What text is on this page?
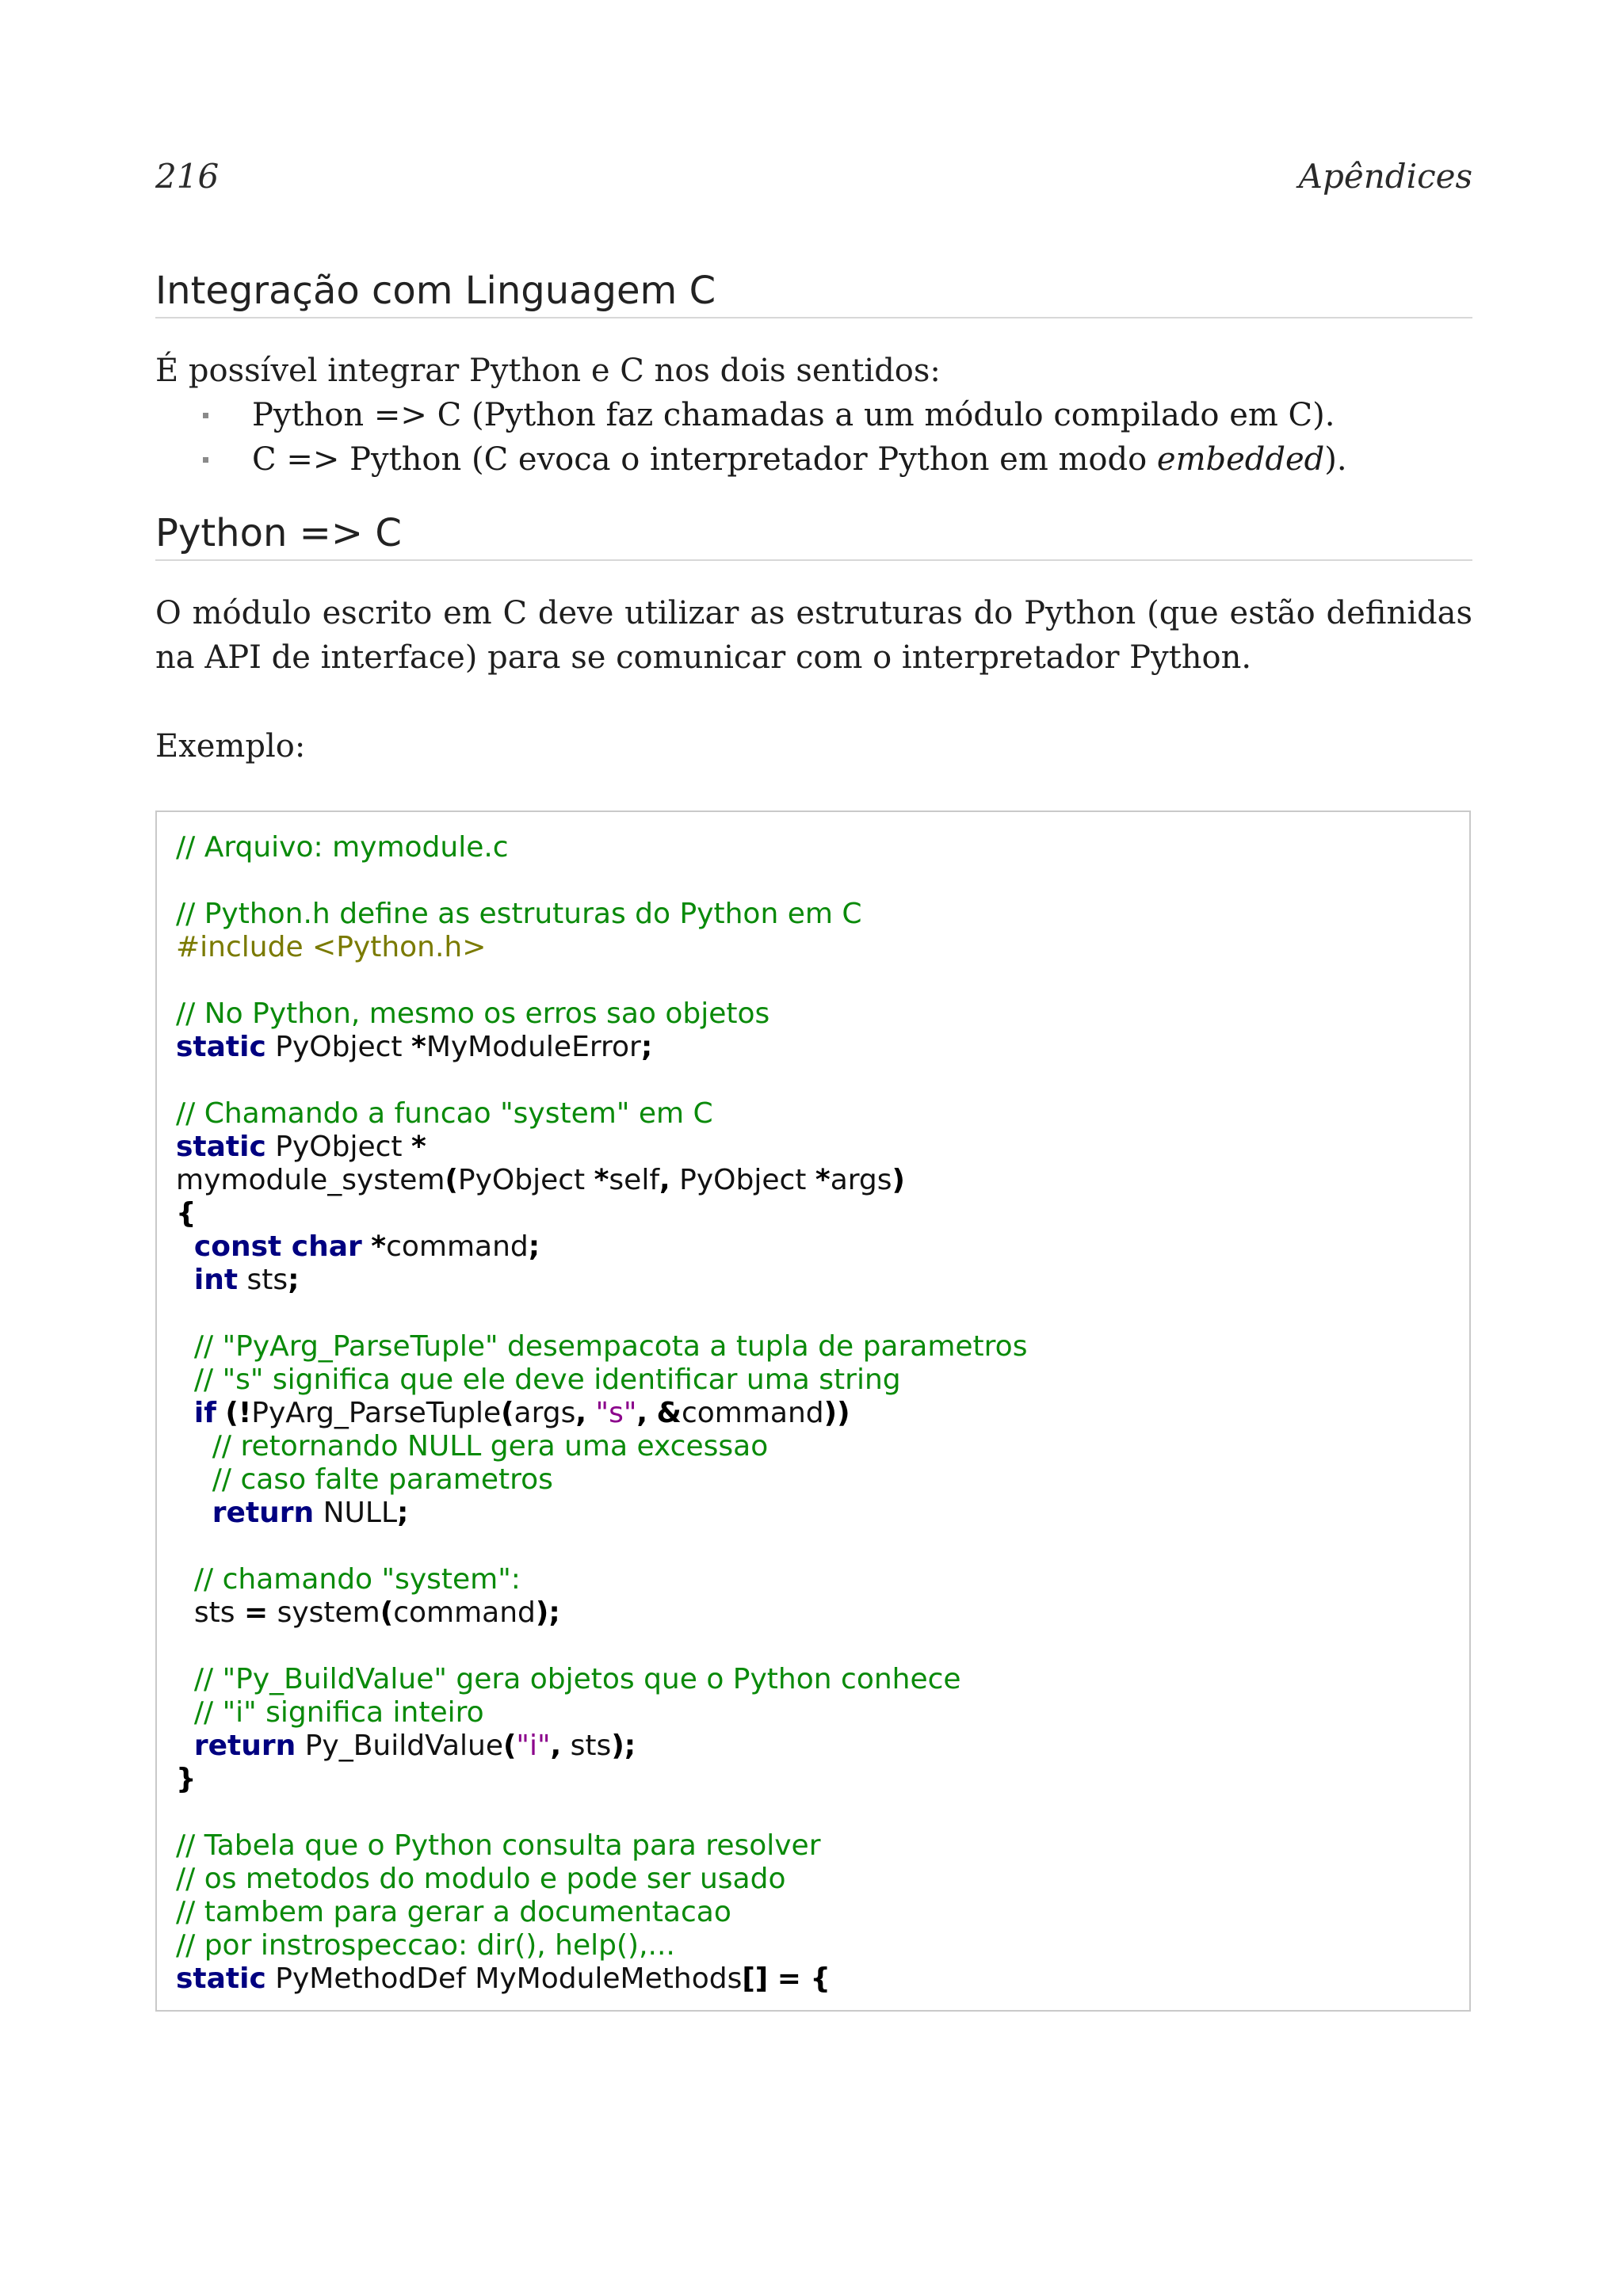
216	Apêndices
Integração com Linguagem C
É possível integrar Python e C nos dois sentidos:
Python => C (Python faz chamadas a um módulo compilado em C).
C => Python (C evoca o interpretador Python em modo embedded).
Python => C
O módulo escrito em C deve utilizar as estruturas do Python (que estão definidas na API de interface) para se comunicar com o interpretador Python.
Exemplo:
// Arquivo: mymodule.c
// Python.h define as estruturas do Python em C
#include <Python.h>
// No Python, mesmo os erros sao objetos
static PyObject *MyModuleError;
// Chamando a funcao "system" em C
static PyObject *
mymodule_system(PyObject *self, PyObject *args)
{
const char *command;
int sts;
// "PyArg_ParseTuple" desempacota a tupla de parametros
// "s" significa que ele deve identificar uma string
if (!PyArg_ParseTuple(args, "s", &command))
// retornando NULL gera uma excessao
// caso falte parametros
return NULL;
// chamando "system":
sts = system(command);
// "Py_BuildValue" gera objetos que o Python conhece
// "i" significa inteiro
return Py_BuildValue("i", sts);
}
// Tabela que o Python consulta para resolver
// os metodos do modulo e pode ser usado
// tambem para gerar a documentacao
// por instrospeccao: dir(), help(),...
static PyMethodDef MyModuleMethods[] = {
